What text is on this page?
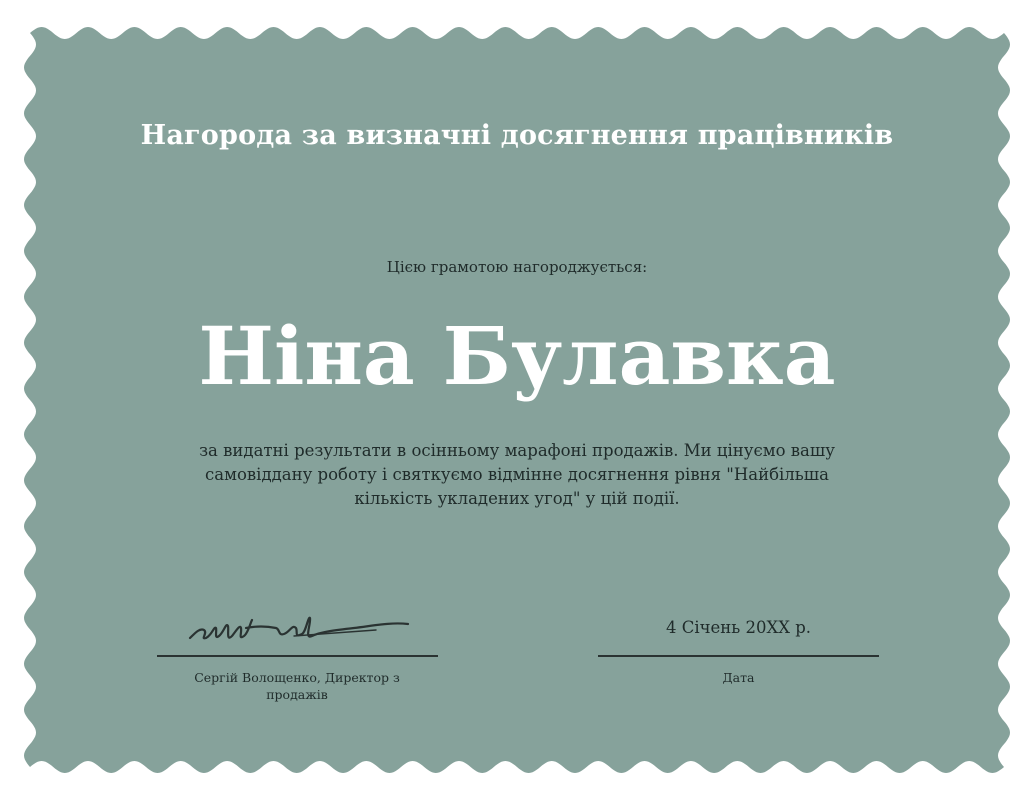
Нагорода за визначні досягнення працівників
Цією грамотою нагороджується:
Ніна Булавка
за видатні результати в осінньому марафоні продажів. Ми цінуємо вашу самовіддану роботу і святкуємо відмінне досягнення рівня "Найбільша кількість укладених угод" у цій події.
Сергій Волощенко, Директор з продажів
4 Січень 20XX р.
Дата
